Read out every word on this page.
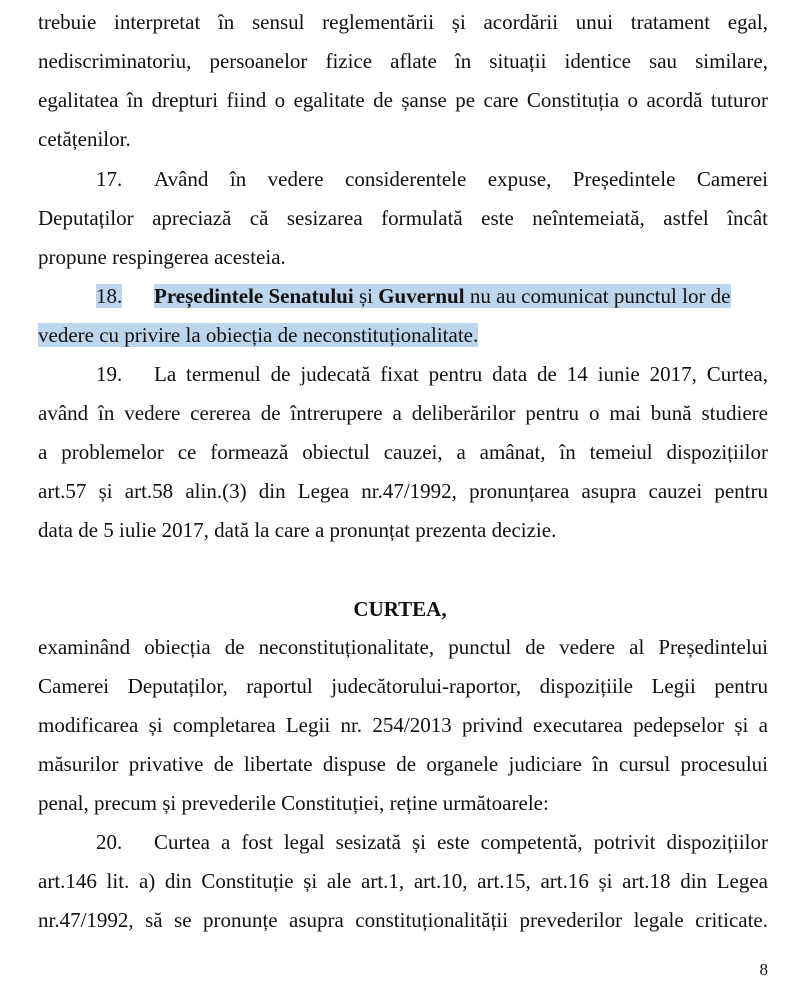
trebuie interpretat în sensul reglementării și acordării unui tratament egal,
nediscriminatoriu, persoanelor fizice aflate în situații identice sau similare,
egalitatea în drepturi fiind o egalitate de șanse pe care Constituția o acordă tuturor
cetățenilor.
17. Având în vedere considerentele expuse, Președintele Camerei
Deputaților apreciază că sesizarea formulată este neîntemeiată, astfel încât
propune respingerea acesteia.
18. Președintele Senatului și Guvernul nu au comunicat punctul lor de
vedere cu privire la obiecția de neconstituționalitate.
19. La termenul de judecată fixat pentru data de 14 iunie 2017, Curtea,
având în vedere cererea de întrerupere a deliberărilor pentru o mai bună studiere
a problemelor ce formează obiectul cauzei, a amânat, în temeiul dispozițiilor
art.57 și art.58 alin.(3) din Legea nr.47/1992, pronunțarea asupra cauzei pentru
data de 5 iulie 2017, dată la care a pronunțat prezenta decizie.
CURTEA,
examinând obiecția de neconstituționalitate, punctul de vedere al Președintelui
Camerei Deputaților, raportul judecătorului-raportor, dispozițiile Legii pentru
modificarea și completarea Legii nr. 254/2013 privind executarea pedepselor și a
măsurilor privative de libertate dispuse de organele judiciare în cursul procesului
penal, precum și prevederile Constituției, reține următoarele:
20. Curtea a fost legal sesizată și este competentă, potrivit dispozițiilor
art.146 lit. a) din Constituție și ale art.1, art.10, art.15, art.16 și art.18 din Legea
nr.47/1992, să se pronunțe asupra constituționalității prevederilor legale criticate.
8
